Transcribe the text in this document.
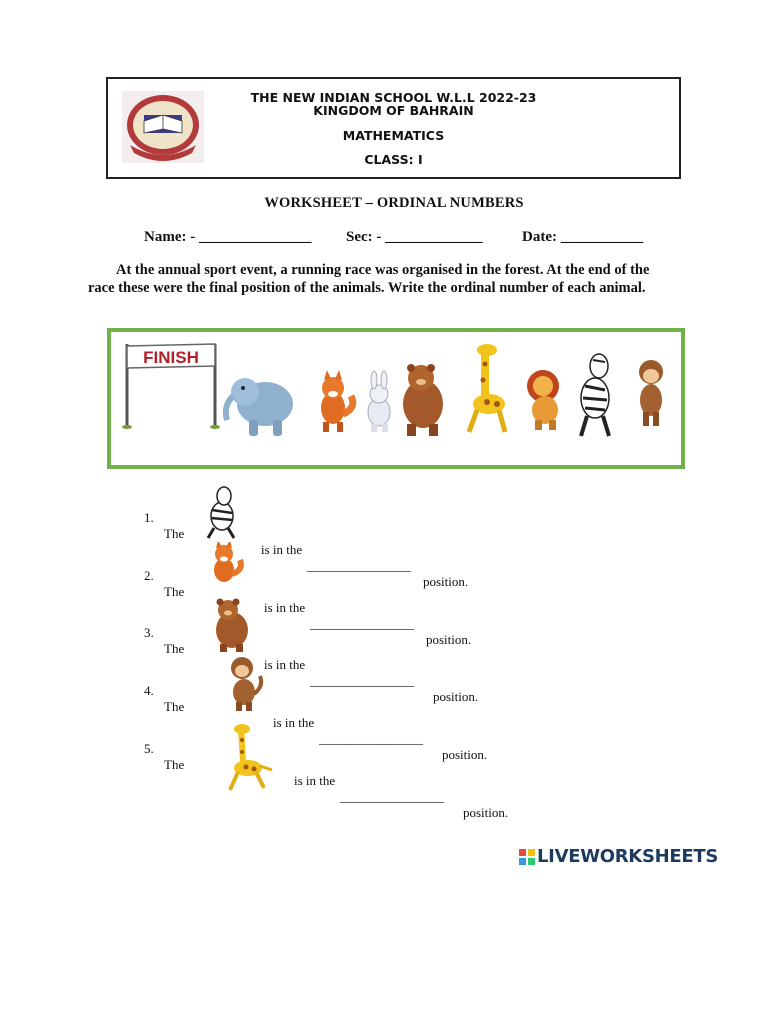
THE NEW INDIAN SCHOOL W.L.L 2022-23
KINGDOM OF BAHRAIN
MATHEMATICS
CLASS: I
WORKSHEET – ORDINAL NUMBERS
Name: - _______________ Sec: - _____________	Date: ___________

At the annual sport event, a running race was organised in the forest. At the end of the

race these were the final position of the animals. Write the ordinal number of each animal.

FINISH

1.

The

is in the

________________

position.

2.

The

is in the

________________

position.

3.

The

is in the

________________

position.

4.

The

is in the

________________

position.

5.

The

is in the

________________

position.

LIVEWORKSHEETS
